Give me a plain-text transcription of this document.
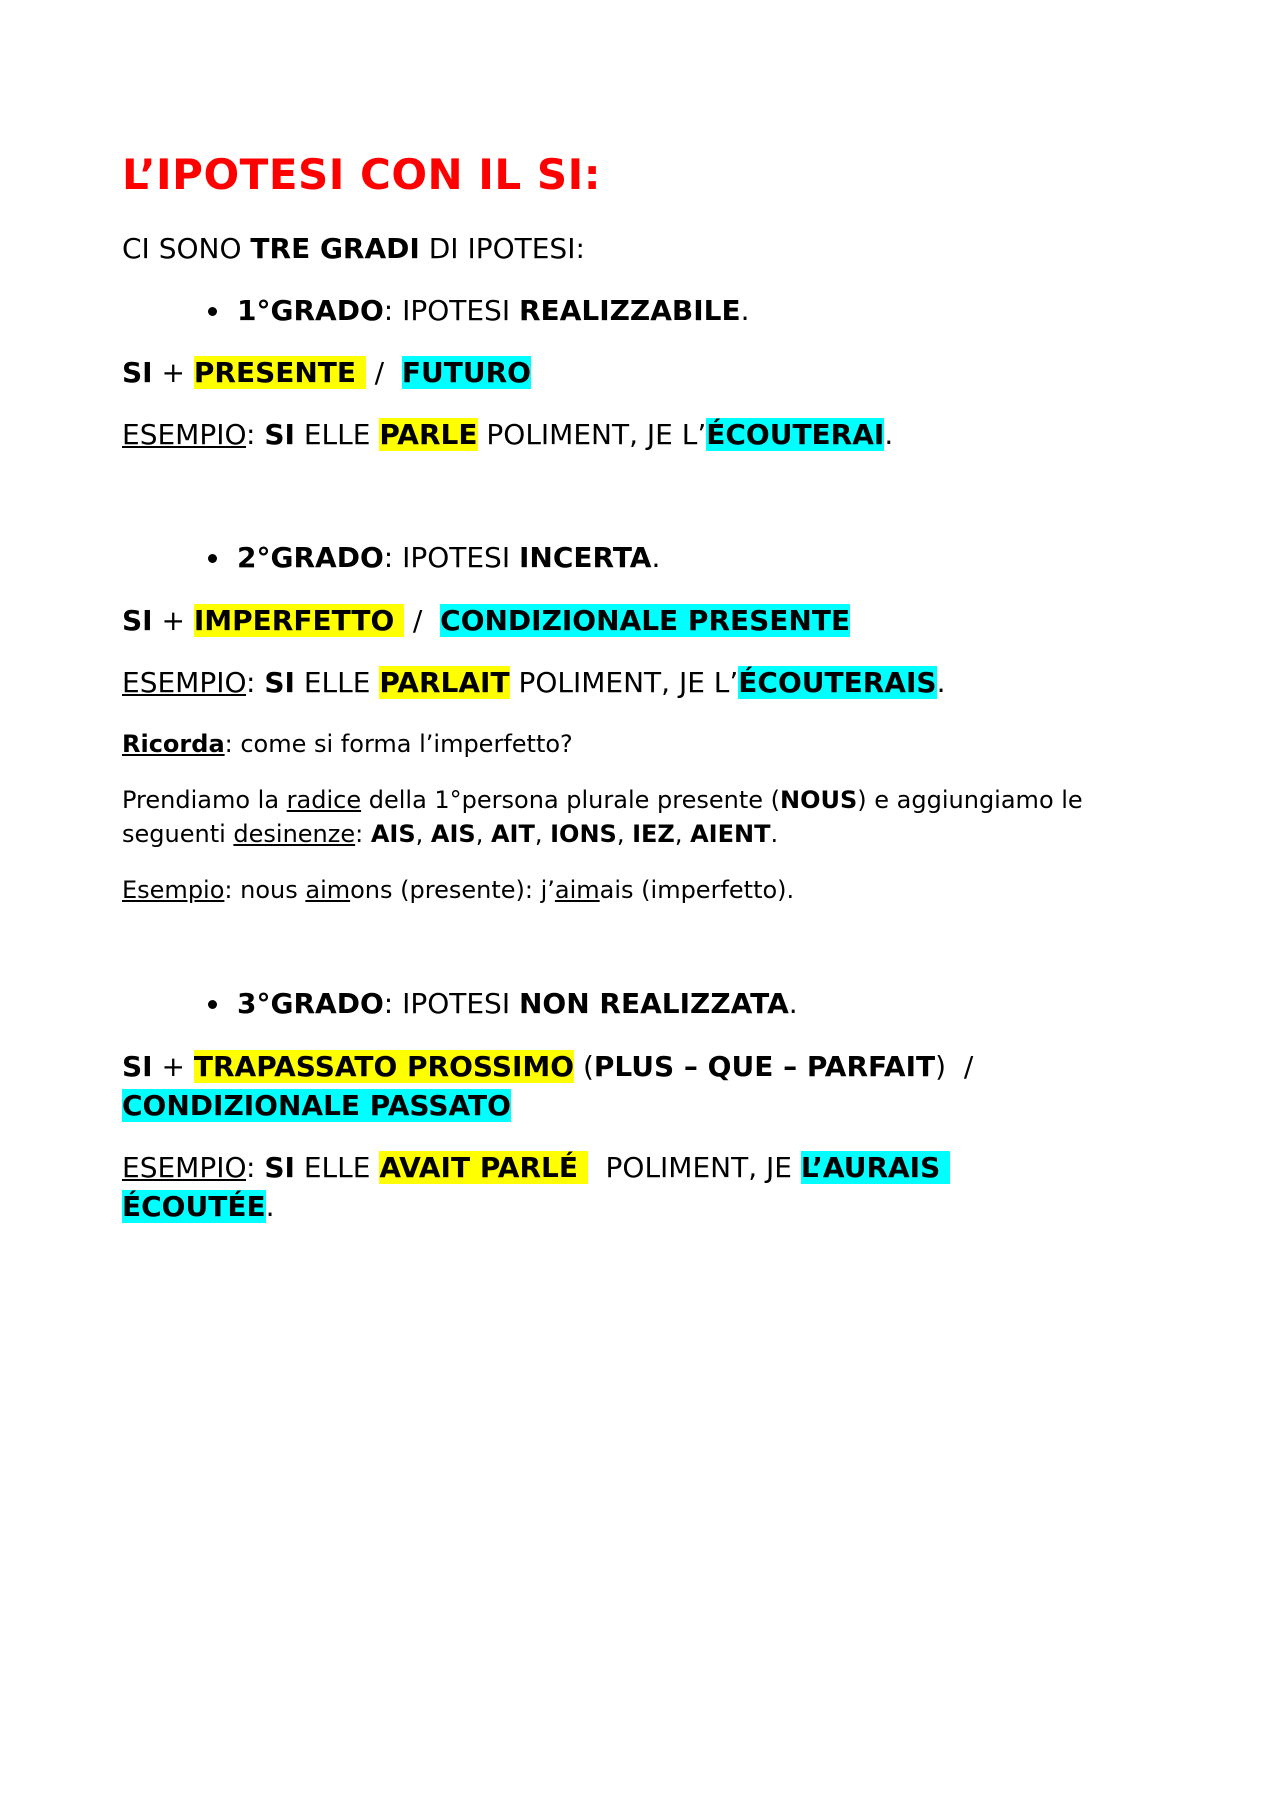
L’IPOTESI CON IL SI:
CI SONO TRE GRADI DI IPOTESI:
1°GRADO: IPOTESI REALIZZABILE.
SI + PRESENTE  /  FUTURO
ESEMPIO: SI ELLE PARLE POLIMENT, JE L’ÉCOUTERAI.
2°GRADO: IPOTESI INCERTA.
SI + IMPERFETTO  /  CONDIZIONALE PRESENTE
ESEMPIO: SI ELLE PARLAIT POLIMENT, JE L’ÉCOUTERAIS.
Ricorda: come si forma l’imperfetto?
Prendiamo la radice della 1°persona plurale presente (NOUS) e aggiungiamo le
seguenti desinenze: AIS, AIS, AIT, IONS, IEZ, AIENT.
Esempio: nous aimons (presente): j’aimais (imperfetto).
3°GRADO: IPOTESI NON REALIZZATA.
SI + TRAPASSATO PROSSIMO (PLUS – QUE – PARFAIT)  /
CONDIZIONALE PASSATO
ESEMPIO: SI ELLE AVAIT PARLÉ   POLIMENT, JE L’AURAIS
ÉCOUTÉE.
